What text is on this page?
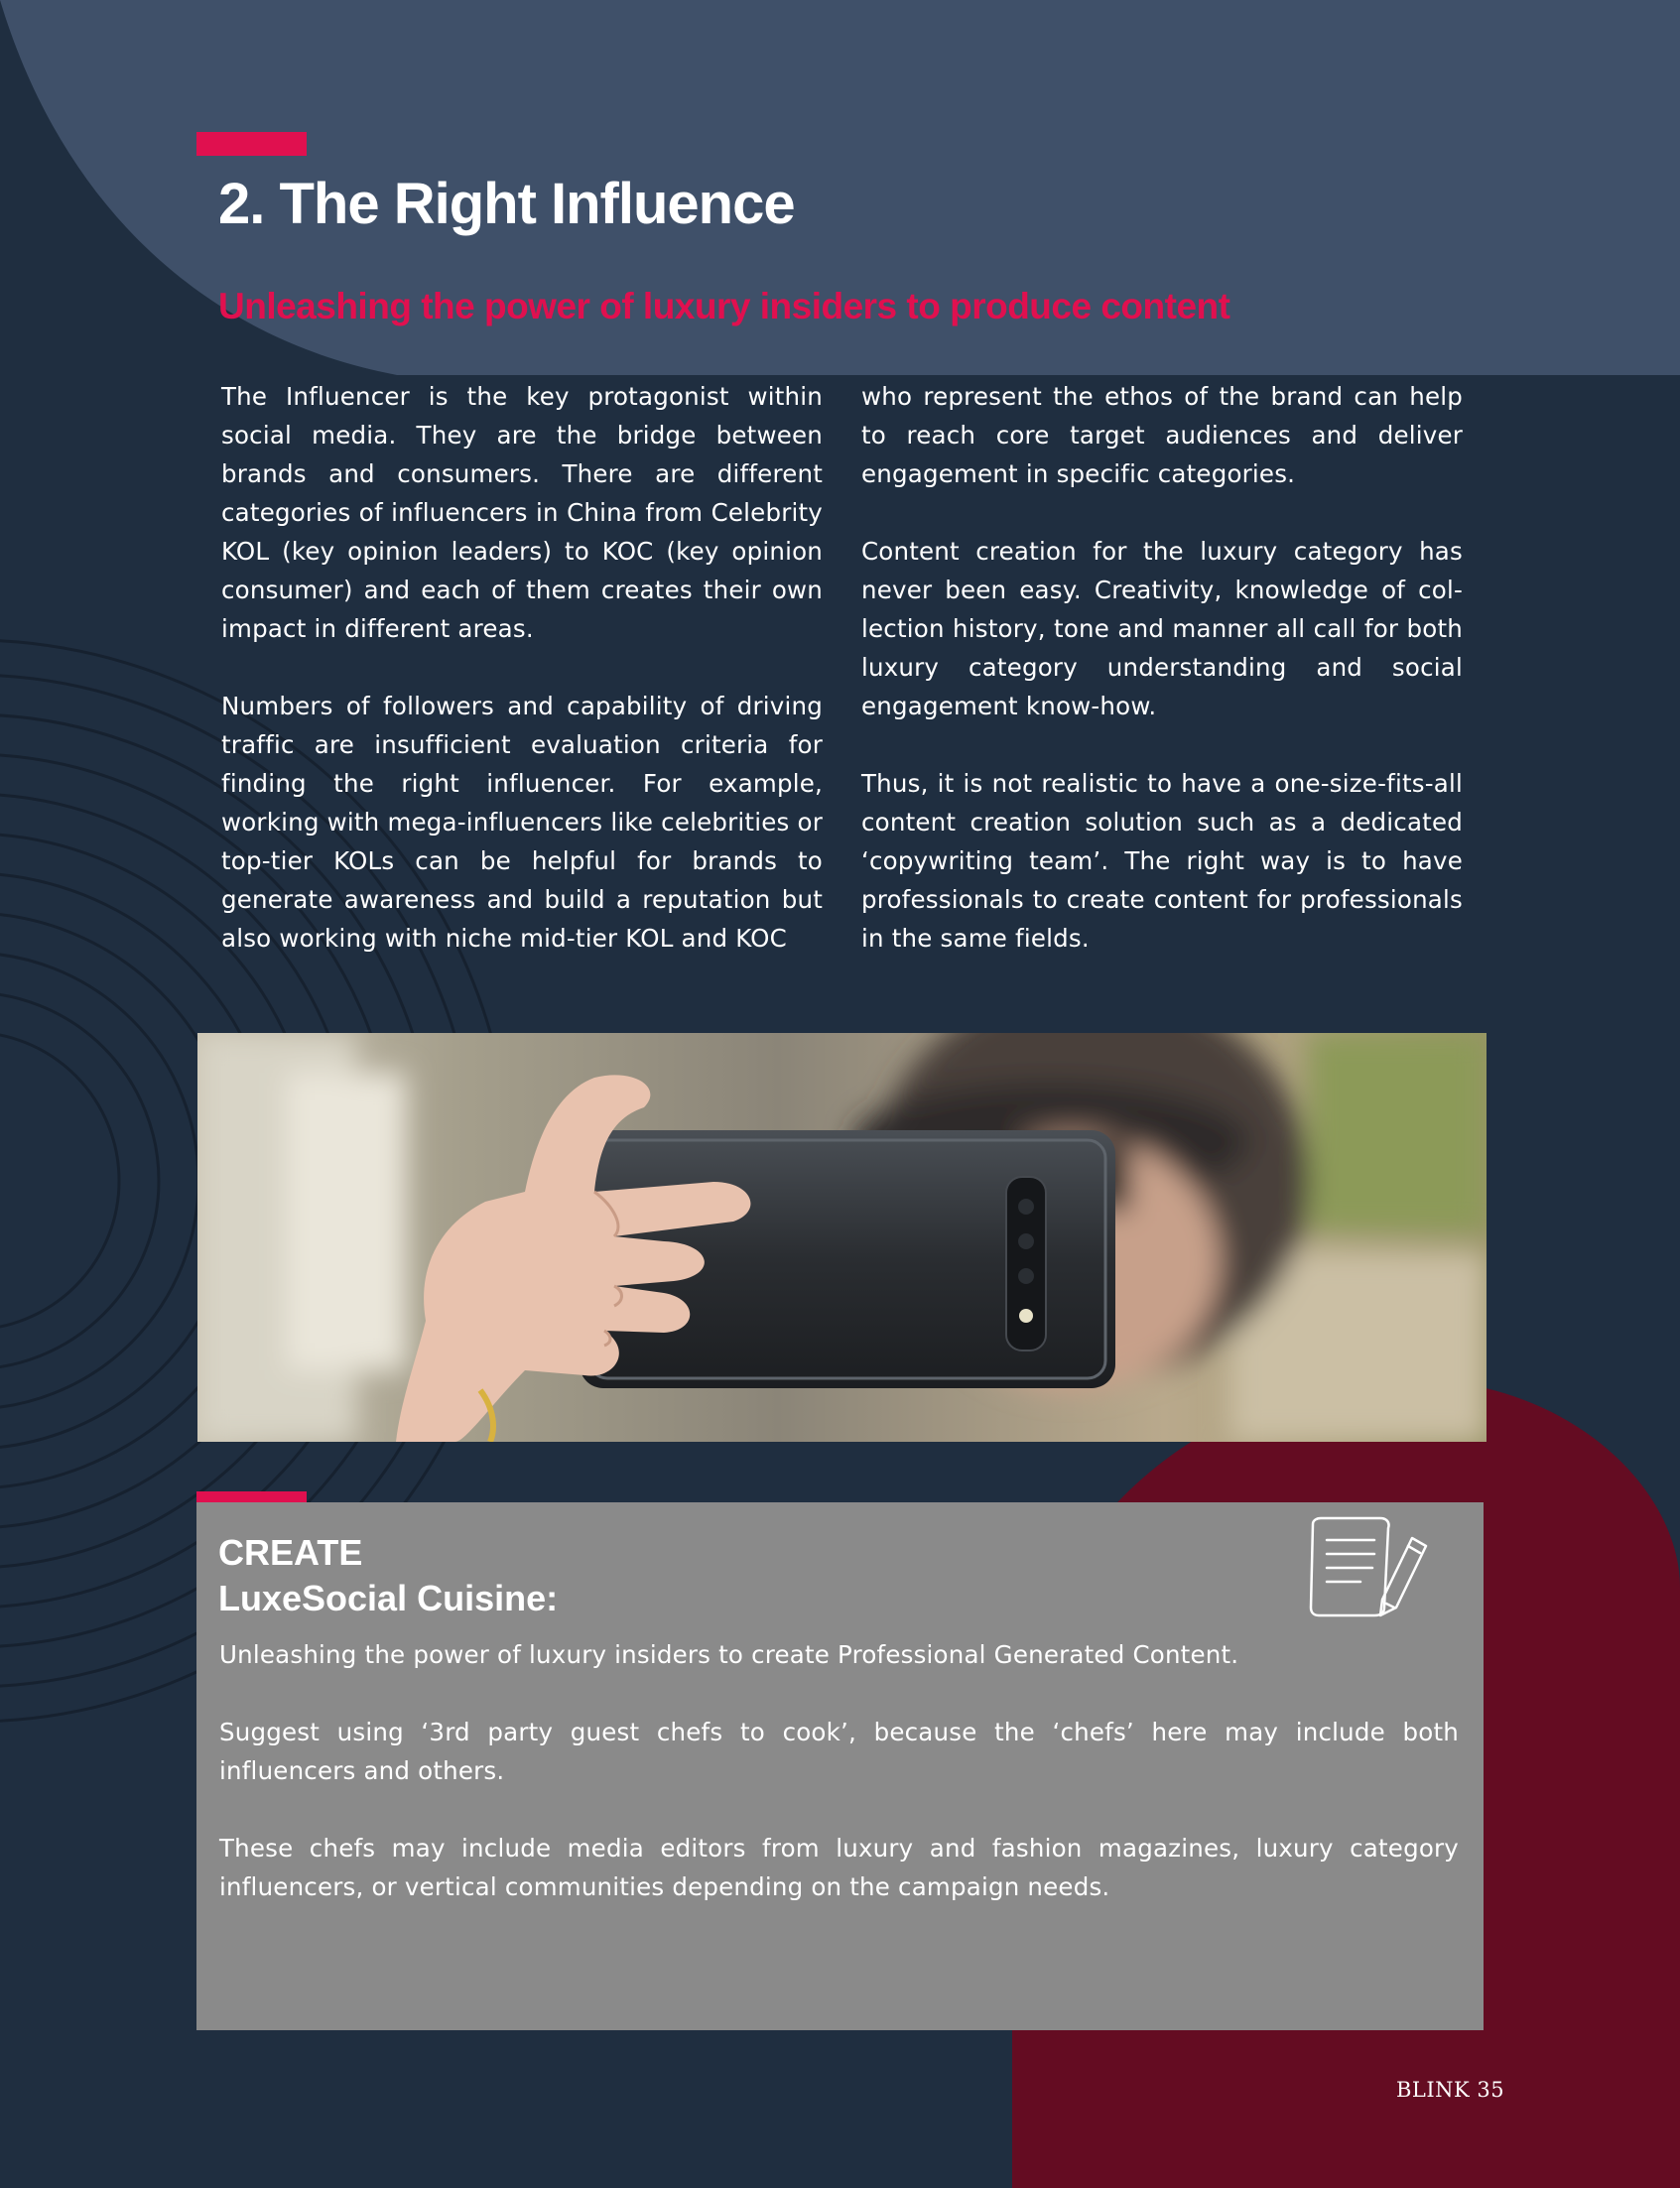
2. The Right Influence
Unleashing the power of luxury insiders to produce content

The Influencer is the key protagonist within social media. They are the bridge between brands and consumers. There are different categories of influencers in China from Celebrity KOL (key opinion leaders) to KOC (key opinion consumer) and each of them creates their own impact in different areas.

Numbers of followers and capability of driving traffic are insufficient evaluation criteria for finding the right influencer. For example, working with mega-influencers like celebrities or top-tier KOLs can be helpful for brands to generate awareness and build a reputation but also working with niche mid-tier KOL and KOC

who represent the ethos of the brand can help to reach core target audiences and deliver engagement in specific categories.

Content creation for the luxury category has never been easy. Creativity, knowledge of col-lection history, tone and manner all call for both luxury category understanding and social engagement know-how.

Thus, it is not realistic to have a one-size-fits-all content creation solution such as a dedicated ‘copywriting team’. The right way is to have professionals to create content for professionals in the same fields.

CREATE
LuxeSocial Cuisine:

Unleashing the power of luxury insiders to create Professional Generated Content.

Suggest using ‘3rd party guest chefs to cook’, because the ‘chefs’ here may include both influencers and others.

These chefs may include media editors from luxury and fashion magazines, luxury category influencers, or vertical communities depending on the campaign needs.

BLINK 35
